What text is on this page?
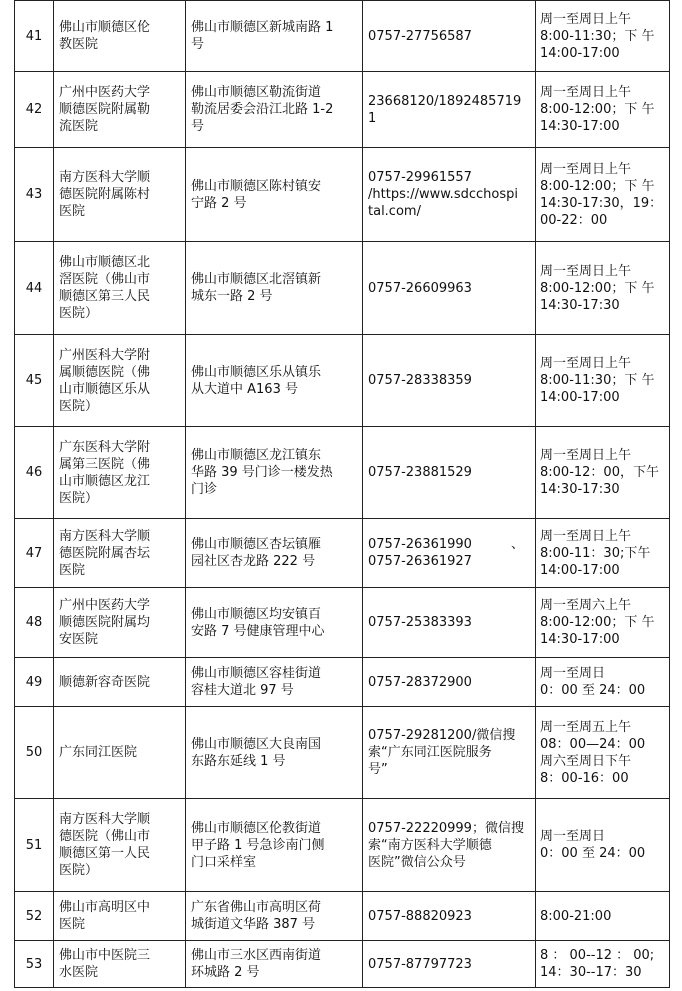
41	佛山市顺德区伦
教医院	佛山市顺德区新城南路 1
号	0757-27756587	周一至周日上午
8:00-11:30；下 午
14:00-17:00

42	广州中医药大学
顺德医院附属勒
流医院	佛山市顺德区勒流街道
勒流居委会沿江北路 1-2
号	23668120/1892485719
1	周一至周日上午
8:00-12:00；下 午
14:30-17:00

43	南方医科大学顺
德医院附属陈村
医院	佛山市顺德区陈村镇安
宁路 2 号	0757-29961557
/https://www.sdcchospi
tal.com/	周一至周日上午
8:00-12:00；下 午
14:30-17:30，19：
00-22：00

44	佛山市顺德区北
滘医院（佛山市
顺德区第三人民
医院）	佛山市顺德区北滘镇新
城东一路 2 号	0757-26609963	周一至周日上午
8:00-12:00；下 午
14:30-17:30

45	广州医科大学附
属顺德医院（佛
山市顺德区乐从
医院）	佛山市顺德区乐从镇乐
从大道中 A163 号	0757-28338359	周一至周日上午
8:00-11:30；下 午
14:00-17:00

46	广东医科大学附
属第三医院（佛
山市顺德区龙江
医院）	佛山市顺德区龙江镇东
华路 39 号门诊一楼发热
门诊	0757-23881529	周一至周日上午
8:00-12：00，下午
14:30-17:30

47	南方医科大学顺
德医院附属杏坛
医院	佛山市顺德区杏坛镇雁
园社区杏龙路 222 号	0757-26361990　　　、
0757-26361927	周一至周日上午
8:00-11：30;下午
14:00-17:00

48	广州中医药大学
顺德医院附属均
安医院	佛山市顺德区均安镇百
安路 7 号健康管理中心	0757-25383393	周一至周六上午
8:00-12:00；下 午
14:30-17:00

49	顺德新容奇医院	佛山市顺德区容桂街道
容桂大道北 97 号	0757-28372900	周一至周日
0：00 至 24：00

50	广东同江医院	佛山市顺德区大良南国
东路东延线 1 号	0757-29281200/微信搜
索“广东同江医院服务
号”	周一至周五上午
08：00—24：00
周六至周日下午
8：00-16：00

51	南方医科大学顺
德医院（佛山市
顺德区第一人民
医院）	佛山市顺德区伦教街道
甲子路 1 号急诊南门侧
门口采样室	0757-22220999；微信搜
索“南方医科大学顺德
医院”微信公众号	周一至周日
0：00 至 24：00

52	佛山市高明区中
医院	广东省佛山市高明区荷
城街道文华路 387 号	0757-88820923	8:00-21:00

53	佛山市中医院三
水医院	佛山市三水区西南街道
环城路 2 号	0757-87797723	8 ： 00--12 ： 00;
14：30--17：30
